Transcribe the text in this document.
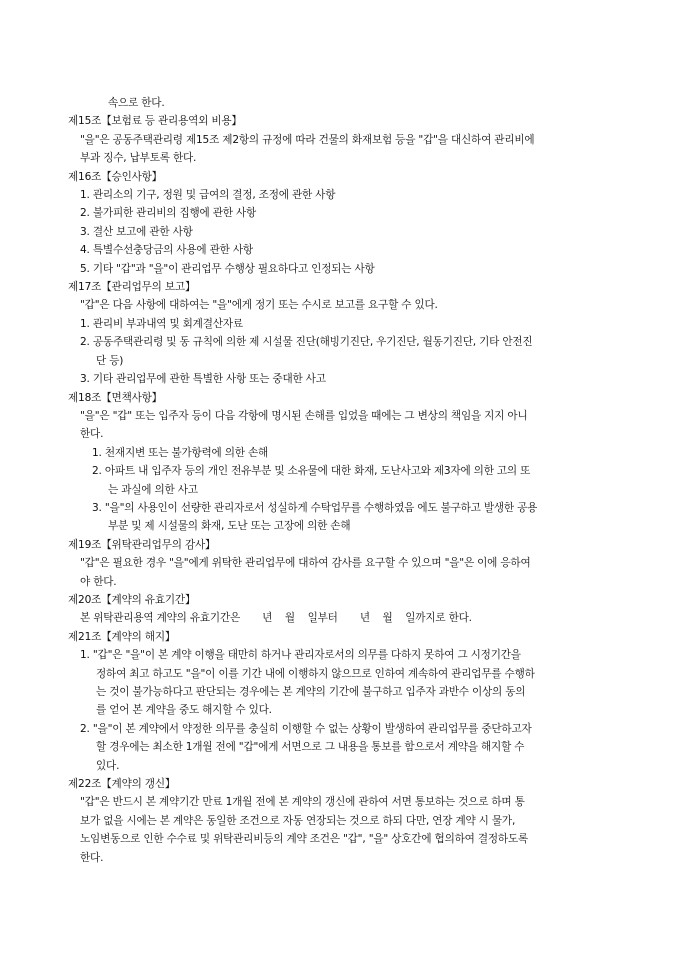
속으로 한다.
제15조【보험료 등 관리용역외 비용】
"을"은 공동주택관리령 제15조 제2항의 규정에 따라 건물의 화재보험 등을 "갑"을 대신하여 관리비에
부과 징수, 납부토록 한다.
제16조【승인사항】
1. 관리소의 기구, 정원 및 급여의 결정, 조정에 관한 사항
2. 불가피한 관리비의 집행에 관한 사항
3. 결산 보고에 관한 사항
4. 특별수선충당금의 사용에 관한 사항
5. 기타 "갑"과 "을"이 관리업무 수행상 필요하다고 인정되는 사항
제17조【관리업무의 보고】
"갑"은 다음 사항에 대하여는 "을"에게 정기 또는 수시로 보고를 요구할 수 있다.
1. 관리비 부과내역 및 회계결산자료
2. 공동주택관리령 및 동 규칙에 의한 제 시설물 진단(해빙기진단, 우기진단, 월동기진단, 기타 안전진
단 등)
3. 기타 관리업무에 관한 특별한 사항 또는 중대한 사고
제18조【면책사항】
"을"은 "갑" 또는 입주자 등이 다음 각항에 명시된 손해를 입었을 때에는 그 변상의 책임을 지지 아니
한다.
1. 천재지변 또는 불가항력에 의한 손해
2. 아파트 내 입주자 등의 개인 전유부분 및 소유물에 대한 화재, 도난사고와 제3자에 의한 고의 또
는 과실에 의한 사고
3. "을"의 사용인이 선량한 관리자로서 성실하게 수탁업무를 수행하였음 에도 불구하고 발생한 공용
부분 및 제 시설물의 화재, 도난 또는 고장에 의한 손해
제19조【위탁관리업무의 감사】
"갑"은 필요한 경우 "을"에게 위탁한 관리업무에 대하여 감사를 요구할 수 있으며 "을"은 이에 응하여
야 한다.
제20조【계약의 유효기간】
본 위탁관리용역 계약의 유효기간은       년    월    일부터       년    월    일까지로 한다.
제21조【계약의 해지】
1. "갑"은 "을"이 본 계약 이행을 태만히 하거나 관리자로서의 의무를 다하지 못하여 그 시정기간을
정하여 최고 하고도 "을"이 이를 기간 내에 이행하지 않으므로 인하여 계속하여 관리업무를 수행하
는 것이 불가능하다고 판단되는 경우에는 본 계약의 기간에 불구하고 입주자 과반수 이상의 동의
를 얻어 본 계약을 중도 해지할 수 있다.
2. "을"이 본 계약에서 약정한 의무를 충실히 이행할 수 없는 상황이 발생하여 관리업무를 중단하고자
할 경우에는 최소한 1개월 전에 "갑"에게 서면으로 그 내용을 통보를 함으로서 계약을 해지할 수
있다.
제22조【계약의 갱신】
"갑"은 반드시 본 계약기간 만료 1개월 전에 본 계약의 갱신에 관하여 서면 통보하는 것으로 하며 통
보가 없을 시에는 본 계약은 동일한 조건으로 자동 연장되는 것으로 하되 다만, 연장 계약 시 물가,
노임변동으로 인한 수수료 및 위탁관리비등의 계약 조건은 "갑", "을" 상호간에 협의하여 결정하도록
한다.
